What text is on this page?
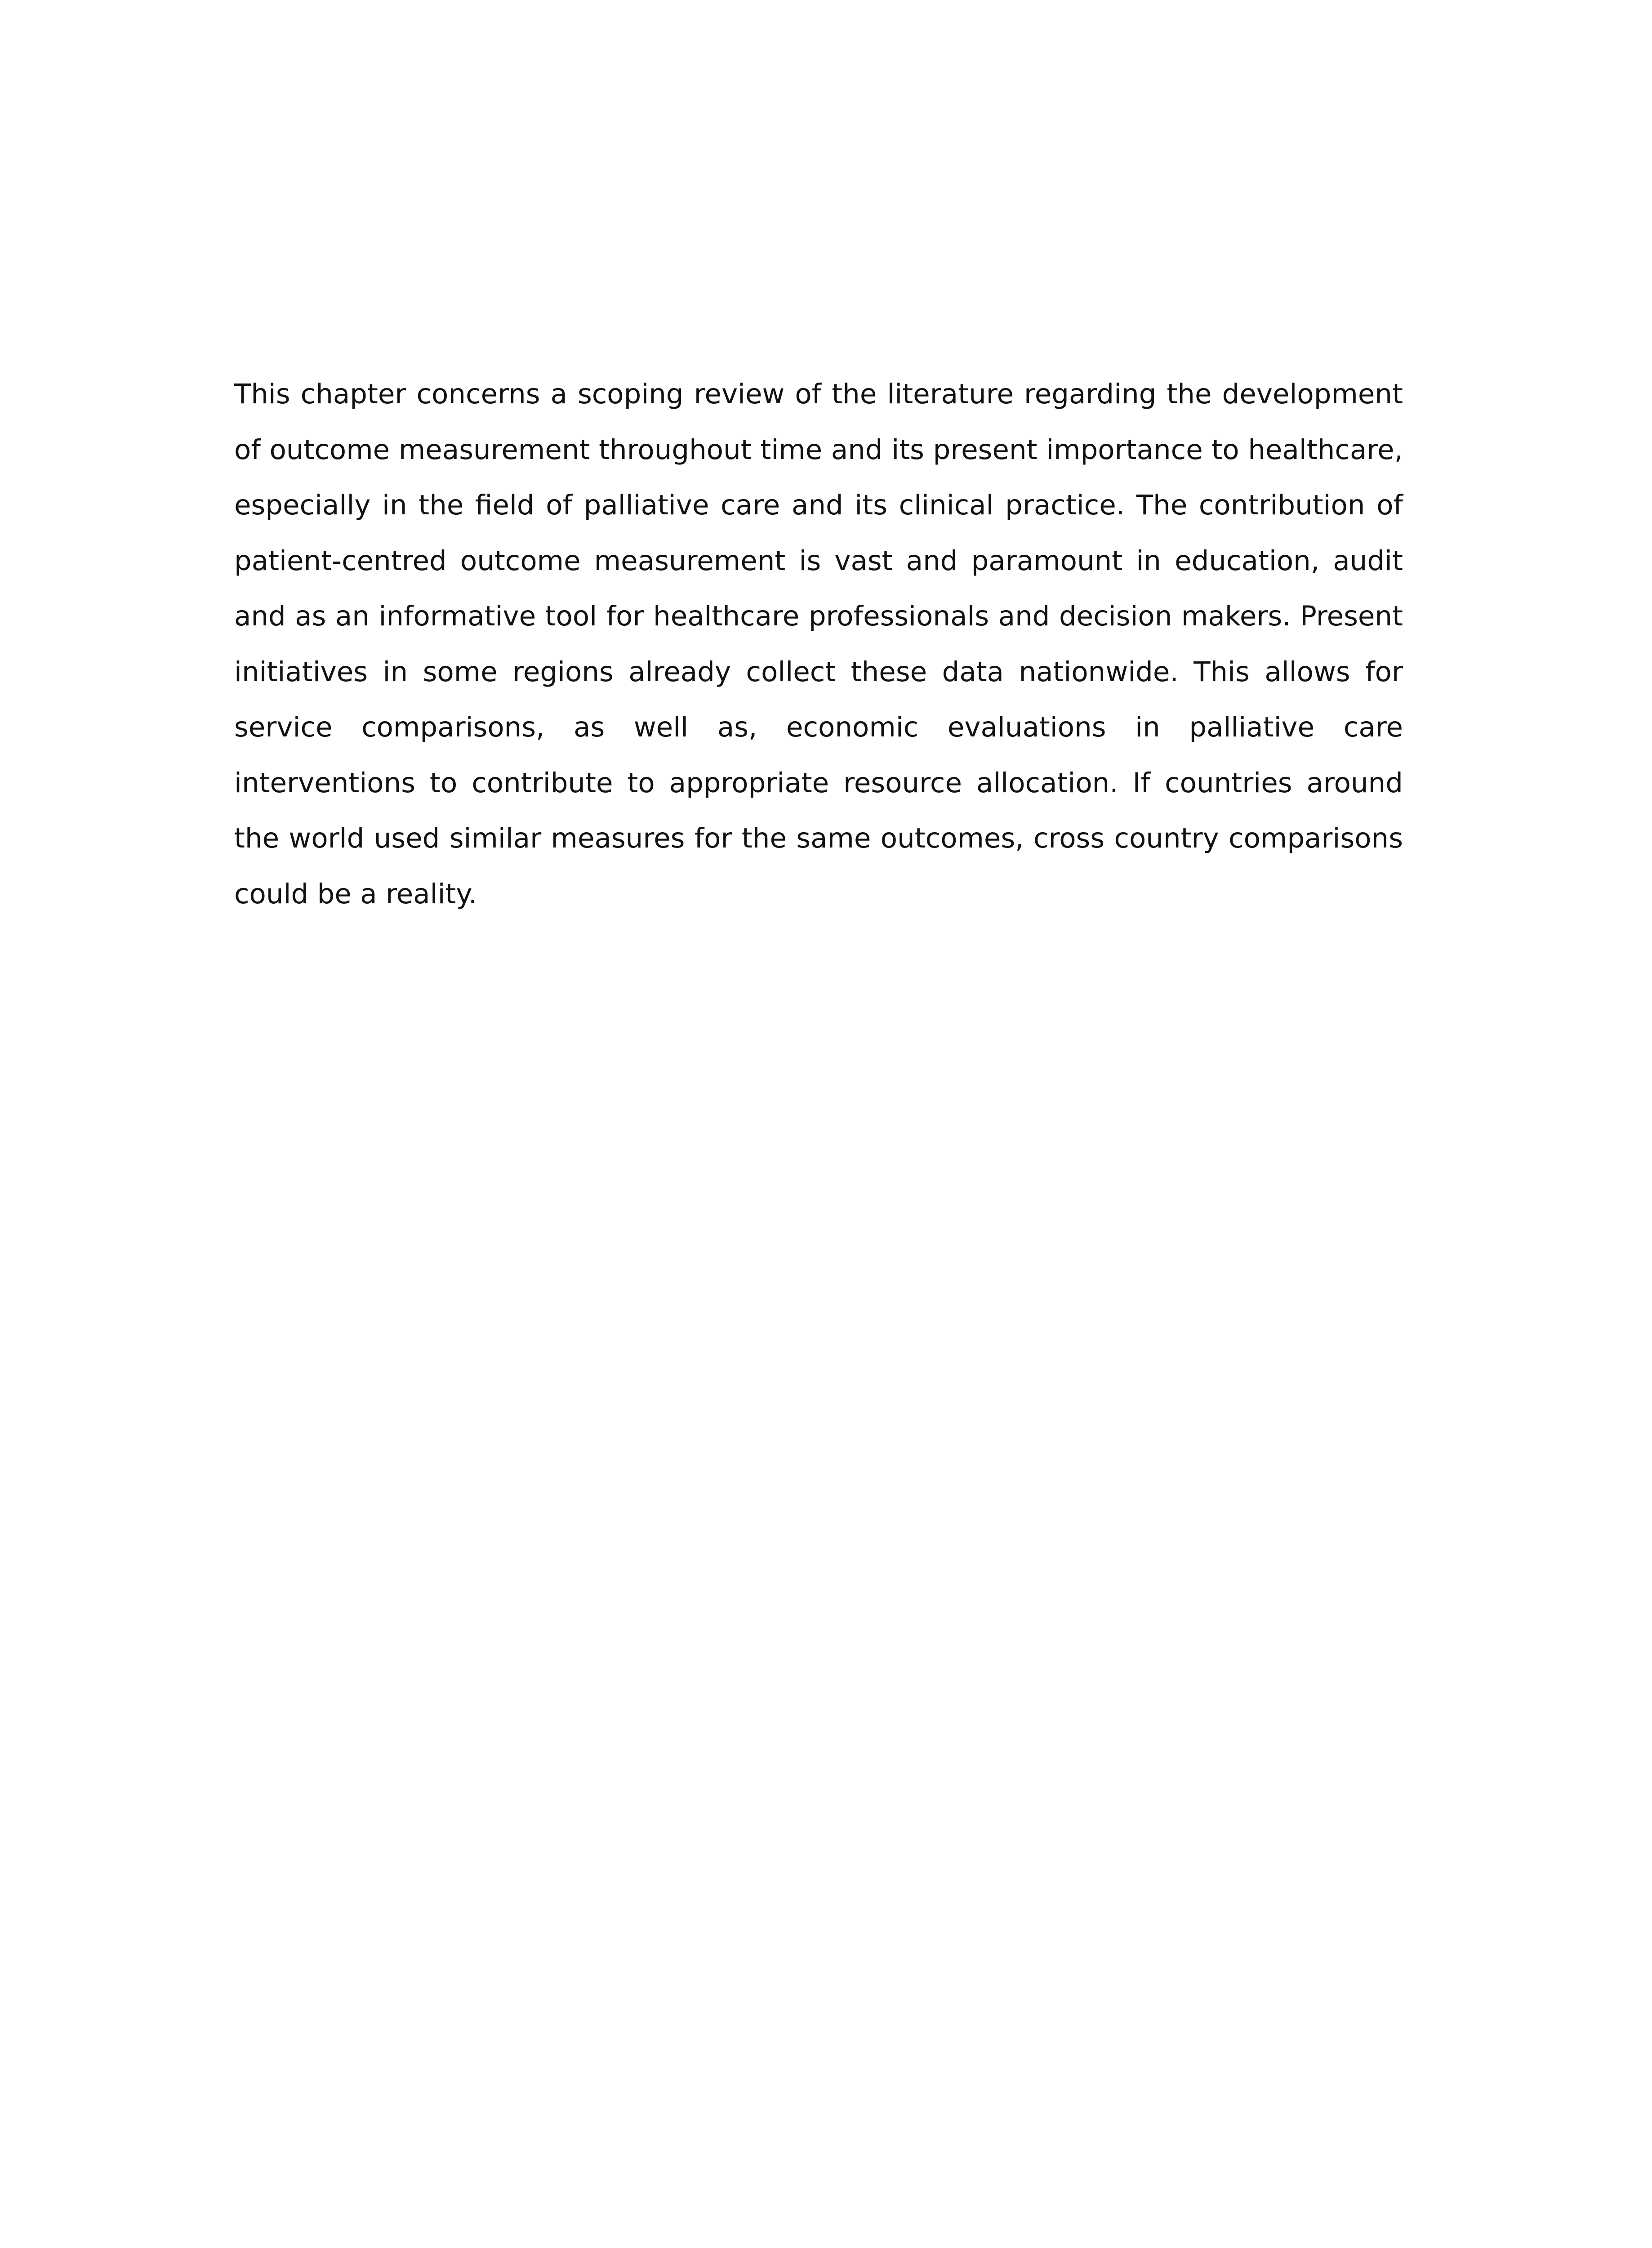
This chapter concerns a scoping review of the literature regarding the development of outcome measurement throughout time and its present importance to healthcare, especially in the field of palliative care and its clinical practice. The contribution of patient-centred outcome measurement is vast and paramount in education, audit and as an informative tool for healthcare professionals and decision makers. Present initiatives in some regions already collect these data nationwide. This allows for service comparisons, as well as, economic evaluations in palliative care interventions to contribute to appropriate resource allocation. If countries around the world used similar measures for the same outcomes, cross country comparisons could be a reality.
